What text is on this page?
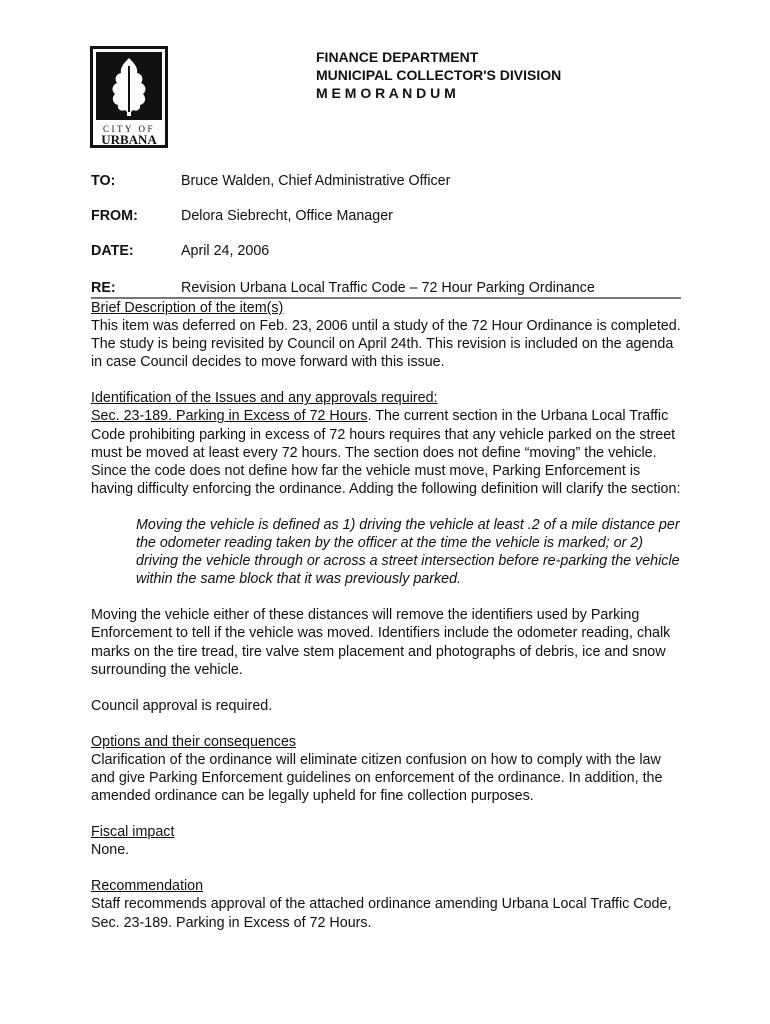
CITY OF
URBANA
FINANCE DEPARTMENT
MUNICIPAL COLLECTOR'S DIVISION
M E M O R A N D U M
TO:	Bruce Walden, Chief Administrative Officer
FROM:	Delora Siebrecht, Office Manager
DATE:	April 24, 2006
RE:	Revision Urbana Local Traffic Code – 72 Hour Parking Ordinance

Brief Description of the item(s)

This item was deferred on Feb. 23, 2006 until a study of the 72 Hour Ordinance is completed. The study is being revisited by Council on April 24th. This revision is included on the agenda in case Council decides to move forward with this issue.

Identification of the Issues and any approvals required:

Sec. 23-189. Parking in Excess of 72 Hours. The current section in the Urbana Local Traffic Code prohibiting parking in excess of 72 hours requires that any vehicle parked on the street must be moved at least every 72 hours. The section does not define “moving” the vehicle. Since the code does not define how far the vehicle must move, Parking Enforcement is having difficulty enforcing the ordinance. Adding the following definition will clarify the section:

Moving the vehicle is defined as 1) driving the vehicle at least .2 of a mile distance per the odometer reading taken by the officer at the time the vehicle is marked; or 2) driving the vehicle through or across a street intersection before re-parking the vehicle within the same block that it was previously parked.

Moving the vehicle either of these distances will remove the identifiers used by Parking Enforcement to tell if the vehicle was moved. Identifiers include the odometer reading, chalk marks on the tire tread, tire valve stem placement and photographs of debris, ice and snow surrounding the vehicle.

Council approval is required.

Options and their consequences

Clarification of the ordinance will eliminate citizen confusion on how to comply with the law and give Parking Enforcement guidelines on enforcement of the ordinance. In addition, the amended ordinance can be legally upheld for fine collection purposes.

Fiscal impact

None.

Recommendation

Staff recommends approval of the attached ordinance amending Urbana Local Traffic Code, Sec. 23-189. Parking in Excess of 72 Hours.
